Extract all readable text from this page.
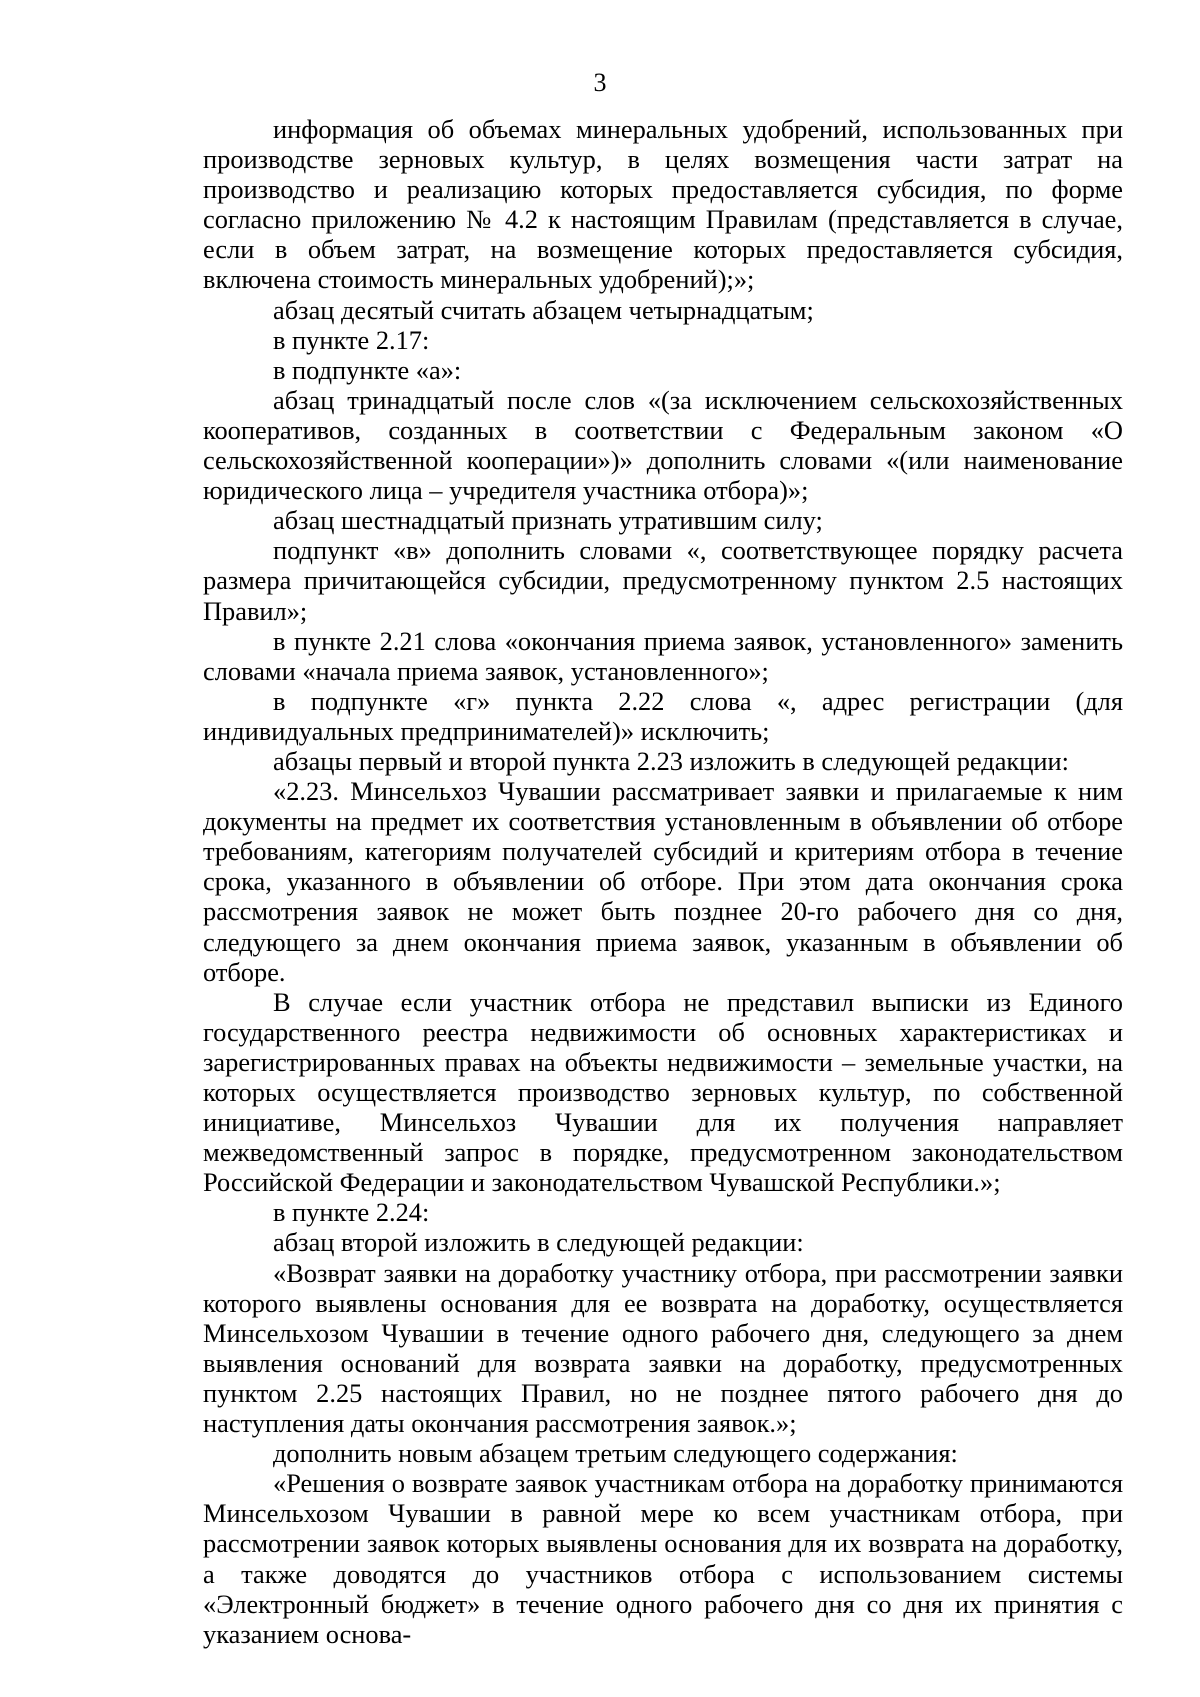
3

информация об объемах минеральных удобрений, использованных при производстве зерновых культур, в целях возмещения части затрат на производство и реализацию которых предоставляется субсидия, по форме согласно приложению № 4.2 к настоящим Правилам (представляется в случае, если в объем затрат, на возмещение которых предоставляется субсидия, включена стоимость минеральных удобрений);»;

абзац десятый считать абзацем четырнадцатым;

в пункте 2.17:

в подпункте «а»:

абзац тринадцатый после слов «(за исключением сельскохозяйственных кооперативов, созданных в соответствии с Федеральным законом «О сельскохозяйственной кооперации»)» дополнить словами «(или наименование юридического лица – учредителя участника отбора)»;

абзац шестнадцатый признать утратившим силу;

подпункт «в» дополнить словами «, соответствующее порядку расчета размера причитающейся субсидии, предусмотренному пунктом 2.5 настоящих Правил»;

в пункте 2.21 слова «окончания приема заявок, установленного» заменить словами «начала приема заявок, установленного»;

в подпункте «г» пункта 2.22 слова «, адрес регистрации (для индивидуальных предпринимателей)» исключить;

абзацы первый и второй пункта 2.23 изложить в следующей редакции:

«2.23. Минсельхоз Чувашии рассматривает заявки и прилагаемые к ним документы на предмет их соответствия установленным в объявлении об отборе требованиям, категориям получателей субсидий и критериям отбора в течение срока, указанного в объявлении об отборе. При этом дата окончания срока рассмотрения заявок не может быть позднее 20-го рабочего дня со дня, следующего за днем окончания приема заявок, указанным в объявлении об отборе.

В случае если участник отбора не представил выписки из Единого государственного реестра недвижимости об основных характеристиках и зарегистрированных правах на объекты недвижимости – земельные участки, на которых осуществляется производство зерновых культур, по собственной инициативе, Минсельхоз Чувашии для их получения направляет межведомственный запрос в порядке, предусмотренном законодательством Российской Федерации и законодательством Чувашской Республики.»;

в пункте 2.24:

абзац второй изложить в следующей редакции:

«Возврат заявки на доработку участнику отбора, при рассмотрении заявки которого выявлены основания для ее возврата на доработку, осуществляется Минсельхозом Чувашии в течение одного рабочего дня, следующего за днем выявления оснований для возврата заявки на доработку, предусмотренных пунктом 2.25 настоящих Правил, но не позднее пятого рабочего дня до наступления даты окончания рассмотрения заявок.»;

дополнить новым абзацем третьим следующего содержания:

«Решения о возврате заявок участникам отбора на доработку принимаются Минсельхозом Чувашии в равной мере ко всем участникам отбора, при рассмотрении заявок которых выявлены основания для их возврата на доработку, а также доводятся до участников отбора с использованием системы «Электронный бюджет» в течение одного рабочего дня со дня их принятия с указанием основа-
